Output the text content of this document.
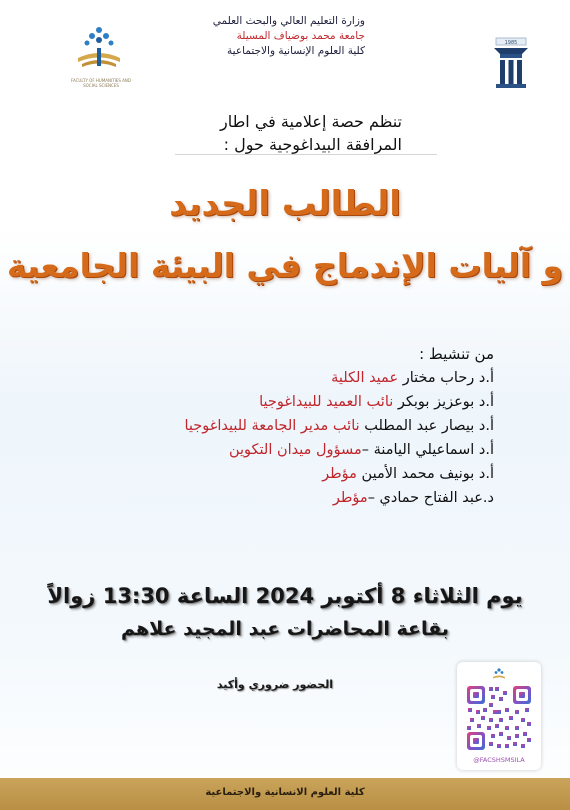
وزارة التعليم العالي والبحث العلمي
جامعة محمد بوضياف المسيلة
كلية العلوم الإنسانية والاجتماعية
FACULTY OF HUMANITIES AND SOCIAL SCIENCES
1985
تنظم حصة إعلامية في اطار
المرافقة البيداغوجية حول :
الطالب الجديد
و آليات الإندماج في البيئة الجامعية
من تنشيط :
أ.د رحاب مختار عميد الكلية
أ.د بوعزيز بوبكر نائب العميد للبيداغوجيا
أ.د بيصار عبد المطلب نائب مدير الجامعة للبيداغوجيا
أ.د اسماعيلي اليامنة –مسؤول ميدان التكوين
أ.د بونيف محمد الأمين مؤطر
د.عبد الفتاح حمادي –مؤطر
يوم الثلاثاء 8 أكتوبر 2024 الساعة 13:30 زوالاً
بقاعة المحاضرات عبد المجيد علاهم
الحضور ضروري وأكيد
@FACSHSMSILA
كلية العلوم الانسانية والاجتماعية
